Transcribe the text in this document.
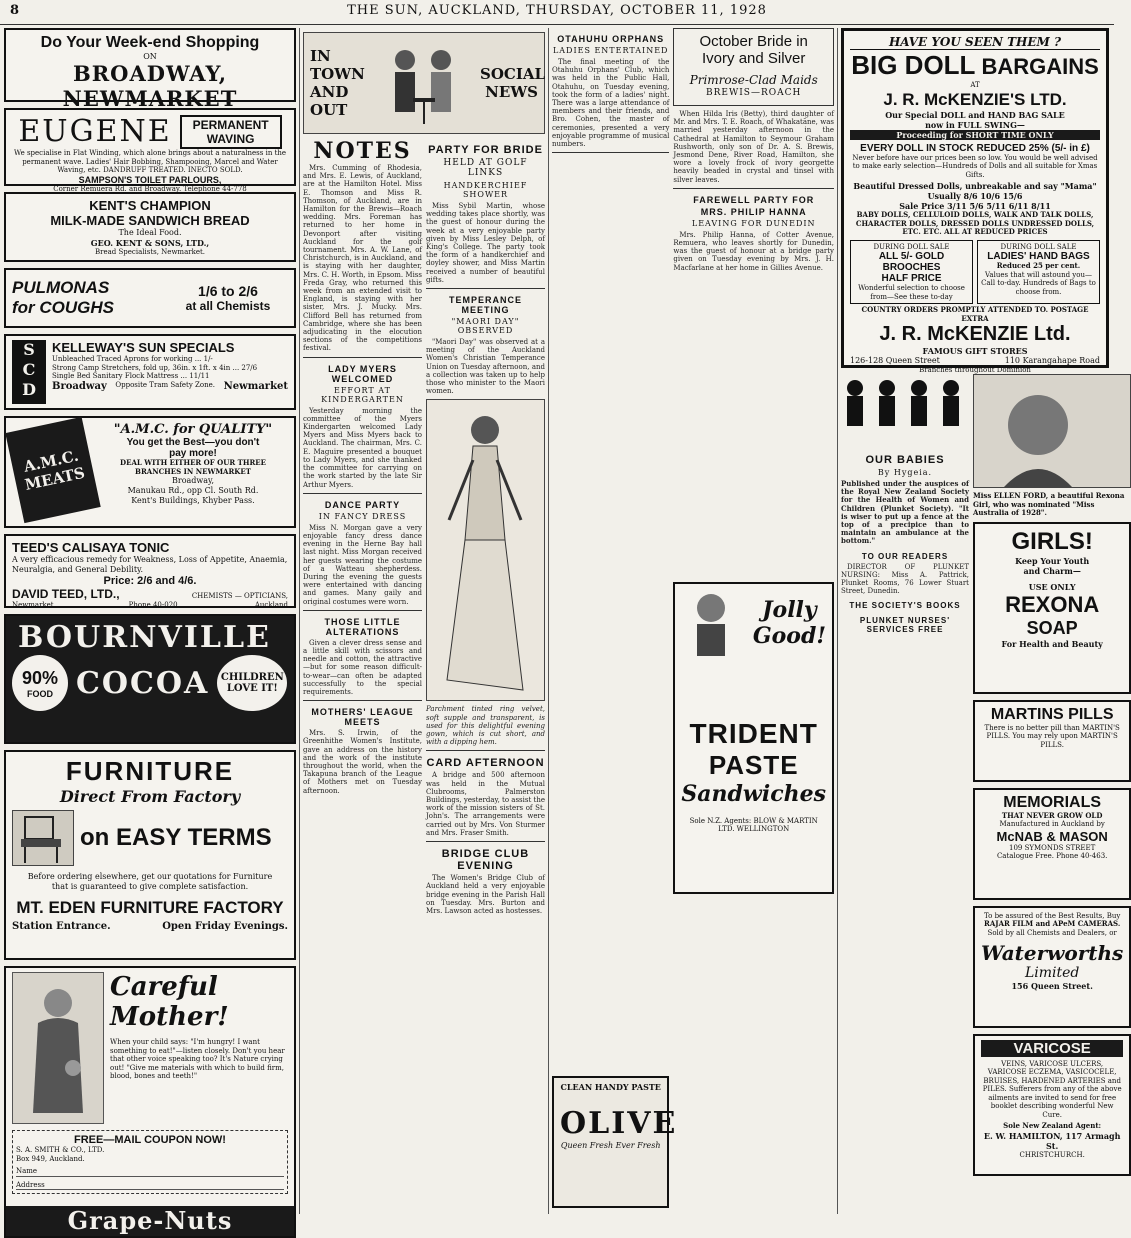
8	THE SUN, AUCKLAND, THURSDAY, OCTOBER 11, 1928
Do Your Week-end Shopping
ON
BROADWAY, NEWMARKET
EUGENE	PERMANENT WAVING
We specialise in Flat Winding, which alone brings about a naturalness in the permanent wave. Ladies' Hair Bobbing, Shampooing, Marcel and Water Waving, etc. DANDRUFF TREATED. INECTO SOLD.
SAMPSON'S TOILET PARLOURS,
Corner Remuera Rd. and Broadway. Telephone 44-778
KENT'S CHAMPION
MILK-MADE SANDWICH BREAD
The Ideal Food.
GEO. KENT & SONS, LTD.,
Bread Specialists, Newmarket.
PULMONAS
for COUGHS
1/6 to 2/6
at all Chemists
S
C
D
KELLEWAY'S SUN SPECIALS
Unbleached Traced Aprons for working ... 1/-
Strong Camp Stretchers, fold up, 36in. x 1ft. x 4in ... 27/6
Single Bed Sanitary Flock Mattress ... 11/11
Broadway Opposite Tram Safety Zone. Newmarket
A.M.C. MEATS
"A.M.C. for QUALITY"
You get the Best—you don't
pay more!
DEAL WITH EITHER OF OUR THREE BRANCHES IN NEWMARKET
Broadway,
Manukau Rd., opp Cl. South Rd.
Kent's Buildings, Khyber Pass.
TEED'S CALISAYA TONIC
A very efficacious remedy for Weakness, Loss of Appetite, Anaemia, Neuralgia, and General Debility.
Price: 2/6 and 4/6.
DAVID TEED, LTD.,	CHEMISTS — OPTICIANS,
Newmarket	Phone 40-020.	Auckland
BOURNVILLE
90%
FOOD COCOA	CHILDREN LOVE IT!
FURNITURE
Direct From Factory
on EASY TERMS
Before ordering elsewhere, get our quotations for Furniture that is guaranteed to give complete satisfaction.
MT. EDEN FURNITURE FACTORY
Station Entrance.	Open Friday Evenings.
Careful Mother!
When your child says: "I'm hungry! I want something to eat!"—listen closely. Don't you hear that other voice speaking too? It's Nature crying out! "Give me materials with which to build firm, blood, bones and teeth!"
FREE—MAIL COUPON NOW!
S. A. SMITH & CO., LTD.
Box 949, Auckland.
Name
Address
Grape-Nuts
IN TOWN AND OUT
SOCIAL NEWS
NOTES
Mrs. Cumming of Rhodesia, and Mrs. E. Lewis, of Auckland, are at the Hamilton Hotel. Miss E. Thomson and Miss R. Thomson, of Auckland, are in Hamilton for the Brewis—Roach wedding. Mrs. Foreman has returned to her home in Devonport after visiting Auckland for the golf tournament. Mrs. A. W. Lane, of Christchurch, is in Auckland, and is staying with her daughter, Mrs. C. H. Worth, in Epsom. Miss Freda Gray, who returned this week from an extended visit to England, is staying with her sister, Mrs. J. Mucky. Mrs. Clifford Bell has returned from Cambridge, where she has been adjudicating in the elocution sections of the competitions festival.
LADY MYERS WELCOMED
EFFORT AT KINDERGARTEN
Yesterday morning the committee of the Myers Kindergarten welcomed Lady Myers and Miss Myers back to Auckland. The chairman, Mrs. C. E. Maguire presented a bouquet to Lady Myers, and she thanked the committee for carrying on the work started by the late Sir Arthur Myers.
DANCE PARTY
IN FANCY DRESS
Miss N. Morgan gave a very enjoyable fancy dress dance evening in the Herne Bay hall last night. Miss Morgan received her guests wearing the costume of a Watteau shepherdess. During the evening the guests were entertained with dancing and games. Many gaily and original costumes were worn.
THOSE LITTLE ALTERATIONS
Given a clever dress sense and a little skill with scissors and needle and cotton, the attractive—but for some reason difficult-to-wear—can often be adapted successfully to the special requirements.
MOTHERS' LEAGUE MEETS
Mrs. S. Irwin, of the Greenhithe Women's Institute, gave an address on the history and the work of the institute throughout the world, when the Takapuna branch of the League of Mothers met on Tuesday afternoon.
PARTY FOR BRIDE
HELD AT GOLF LINKS
HANDKERCHIEF SHOWER
Miss Sybil Martin, whose wedding takes place shortly, was the guest of honour during the week at a very enjoyable party given by Miss Lesley Delph, of King's College. The party took the form of a handkerchief and doyley shower, and Miss Martin received a number of beautiful gifts.
TEMPERANCE MEETING
"MAORI DAY" OBSERVED
"Maori Day" was observed at a meeting of the Auckland Women's Christian Temperance Union on Tuesday afternoon, and a collection was taken up to help those who minister to the Maori women.
Parchment tinted ring velvet, soft supple and transparent, is used for this delightful evening gown, which is cut short, and with a dipping hem.
CARD AFTERNOON
A bridge and 500 afternoon was held in the Mutual Clubrooms, Palmerston Buildings, yesterday, to assist the work of the mission sisters of St. John's. The arrangements were carried out by Mrs. Von Sturmer and Mrs. Fraser Smith.
BRIDGE CLUB EVENING
The Women's Bridge Club of Auckland held a very enjoyable bridge evening in the Parish Hall on Tuesday. Mrs. Burton and Mrs. Lawson acted as hostesses.
OTAHUHU ORPHANS
LADIES ENTERTAINED
The final meeting of the Otahuhu Orphans' Club, which was held in the Public Hall, Otahuhu, on Tuesday evening, took the form of a ladies' night. There was a large attendance of members and their friends, and Bro. Cohen, the master of ceremonies, presented a very enjoyable programme of musical numbers.
CLEAN HANDY PASTE
OLIVE
Queen Fresh Ever Fresh
October Bride in
Ivory and Silver
Primrose-Clad Maids
BREWIS—ROACH
When Hilda Iris (Betty), third daughter of Mr. and Mrs. T. E. Roach, of Whakatāne, was married yesterday afternoon in the Cathedral at Hamilton to Seymour Graham Rushworth, only son of Dr. A. S. Brewis, Jesmond Dene, River Road, Hamilton, she wore a lovely frock of ivory georgette heavily beaded in crystal and tinsel with silver leaves.
FAREWELL PARTY FOR
MRS. PHILIP HANNA
LEAVING FOR DUNEDIN
Mrs. Philip Hanna, of Cotter Avenue, Remuera, who leaves shortly for Dunedin, was the guest of honour at a bridge party given on Tuesday evening by Mrs. J. H. Macfarlane at her home in Gillies Avenue.
Jolly
Good!
TRIDENT
PASTE
Sandwiches
Sole N.Z. Agents: BLOW & MARTIN LTD. WELLINGTON
HAVE YOU SEEN THEM ?
BIG DOLL BARGAINS
AT
J. R. McKENZIE'S LTD.
Our Special DOLL and HAND BAG SALE
now in FULL SWING—
Proceeding for SHORT TIME ONLY
EVERY DOLL IN STOCK REDUCED 25% (5/- in £)
Never before have our prices been so low. You would be well advised to make early selection—Hundreds of Dolls and all suitable for Xmas Gifts.
Beautiful Dressed Dolls, unbreakable and say "Mama"
Usually 8/6 10/6 15/6
Sale Price 3/11 5/6 5/11 6/11 8/11
BABY DOLLS, CELLULOID DOLLS, WALK AND TALK DOLLS, CHARACTER DOLLS, DRESSED DOLLS UNDRESSED DOLLS, ETC. ETC. ALL AT REDUCED PRICES
DURING DOLL SALE
ALL 5/- GOLD BROOCHES
HALF PRICE
Wonderful selection to choose from—See these to-day
DURING DOLL SALE
LADIES' HAND BAGS
Reduced 25 per cent.
Values that will astound you—Call to-day. Hundreds of Bags to choose from.
COUNTRY ORDERS PROMPTLY ATTENDED TO. POSTAGE EXTRA
J. R. McKENZIE Ltd.
FAMOUS GIFT STORES
126-128 Queen Street	110 Karangahape Road
Branches throughout Dominion
OUR BABIES
By Hygeia.
Published under the auspices of the Royal New Zealand Society for the Health of Women and Children (Plunket Society). "It is wiser to put up a fence at the top of a precipice than to maintain an ambulance at the bottom."
TO OUR READERS
DIRECTOR OF PLUNKET NURSING: Miss A. Pattrick, Plunket Rooms, 76 Lower Stuart Street, Dunedin.
THE SOCIETY'S BOOKS
PLUNKET NURSES' SERVICES FREE
Miss ELLEN FORD, a beautiful Rexona Girl, who was nominated "Miss Australia of 1928".
GIRLS!
Keep Your Youth
and Charm—
USE ONLY
REXONA
SOAP
For Health and Beauty
MARTINS PILLS
There is no better pill than MARTIN'S PILLS. You may rely upon MARTIN'S PILLS.
MEMORIALS
THAT NEVER GROW OLD
Manufactured in Auckland by
McNAB & MASON
109 SYMONDS STREET
Catalogue Free. Phone 40-463.
To be assured of the Best Results, Buy
RAJAR FILM and APeM CAMERAS.
Sold by all Chemists and Dealers, or
Waterworths
Limited
156 Queen Street.
VARICOSE
VEINS, VARICOSE ULCERS, VARICOSE ECZEMA, VASICOCELE, BRUISES, HARDENED ARTERIES and PILES. Sufferers from any of the above ailments are invited to send for free booklet describing wonderful New Cure.
Sole New Zealand Agent:
E. W. HAMILTON, 117 Armagh St.
CHRISTCHURCH.
